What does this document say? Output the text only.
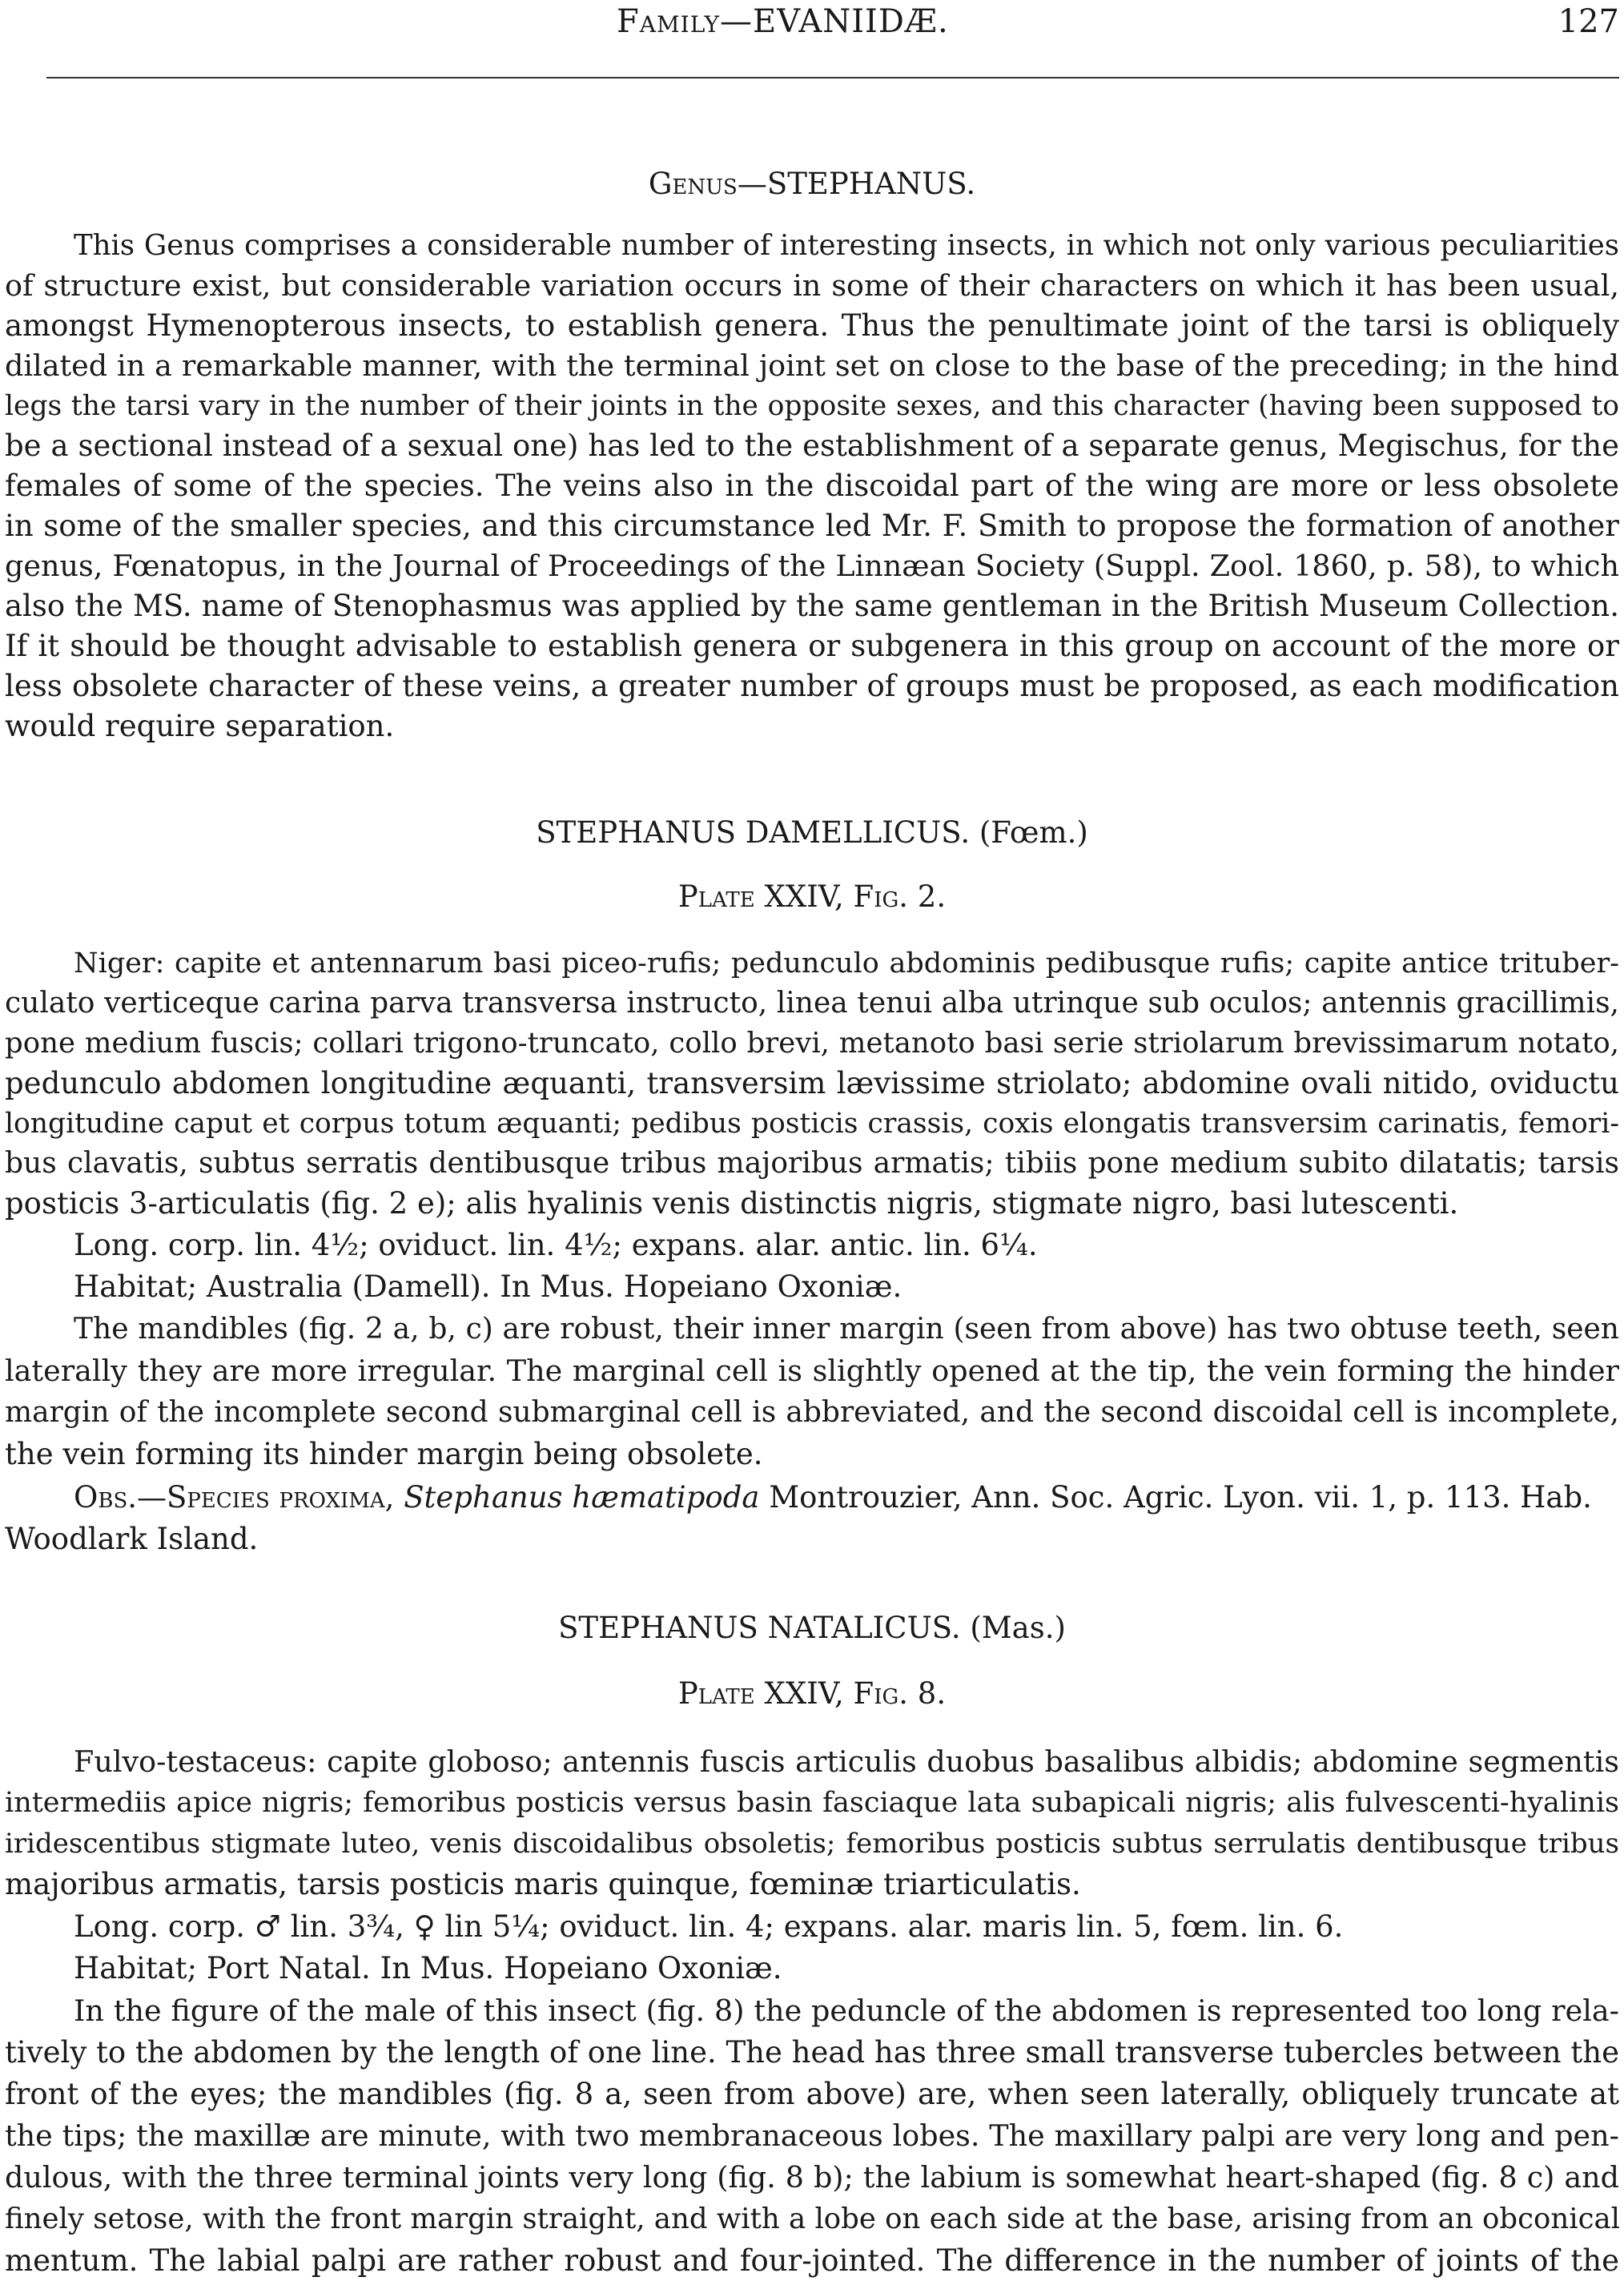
Family—EVANIIDÆ.	127
Genus—STEPHANUS.
This Genus comprises a considerable number of interesting insects, in which not only various peculiarities
of structure exist, but considerable variation occurs in some of their characters on which it has been usual,
amongst Hymenopterous insects, to establish genera. Thus the penultimate joint of the tarsi is obliquely
dilated in a remarkable manner, with the terminal joint set on close to the base of the preceding; in the hind
legs the tarsi vary in the number of their joints in the opposite sexes, and this character (having been supposed to
be a sectional instead of a sexual one) has led to the establishment of a separate genus, Megischus, for the
females of some of the species. The veins also in the discoidal part of the wing are more or less obsolete
in some of the smaller species, and this circumstance led Mr. F. Smith to propose the formation of another
genus, Fœnatopus, in the Journal of Proceedings of the Linnæan Society (Suppl. Zool. 1860, p. 58), to which
also the MS. name of Stenophasmus was applied by the same gentleman in the British Museum Collection.
If it should be thought advisable to establish genera or subgenera in this group on account of the more or
less obsolete character of these veins, a greater number of groups must be proposed, as each modification
would require separation.
STEPHANUS DAMELLICUS. (Fœm.)
Plate XXIV, Fig. 2.
Niger: capite et antennarum basi piceo-rufis; pedunculo abdominis pedibusque rufis; capite antice trituber-
culato verticeque carina parva transversa instructo, linea tenui alba utrinque sub oculos; antennis gracillimis,
pone medium fuscis; collari trigono-truncato, collo brevi, metanoto basi serie striolarum brevissimarum notato,
pedunculo abdomen longitudine æquanti, transversim lævissime striolato; abdomine ovali nitido, oviductu
longitudine caput et corpus totum æquanti; pedibus posticis crassis, coxis elongatis transversim carinatis, femori-
bus clavatis, subtus serratis dentibusque tribus majoribus armatis; tibiis pone medium subito dilatatis; tarsis
posticis 3-articulatis (fig. 2 e); alis hyalinis venis distinctis nigris, stigmate nigro, basi lutescenti.
Long. corp. lin. 4½; oviduct. lin. 4½; expans. alar. antic. lin. 6¼.
Habitat; Australia (Damell). In Mus. Hopeiano Oxoniæ.
The mandibles (fig. 2 a, b, c) are robust, their inner margin (seen from above) has two obtuse teeth, seen
laterally they are more irregular. The marginal cell is slightly opened at the tip, the vein forming the hinder
margin of the incomplete second submarginal cell is abbreviated, and the second discoidal cell is incomplete,
the vein forming its hinder margin being obsolete.
Obs.—Species proxima, Stephanus hæmatipoda Montrouzier, Ann. Soc. Agric. Lyon. vii. 1, p. 113. Hab.
Woodlark Island.
STEPHANUS NATALICUS. (Mas.)
Plate XXIV, Fig. 8.
Fulvo-testaceus: capite globoso; antennis fuscis articulis duobus basalibus albidis; abdomine segmentis
intermediis apice nigris; femoribus posticis versus basin fasciaque lata subapicali nigris; alis fulvescenti-hyalinis
iridescentibus stigmate luteo, venis discoidalibus obsoletis; femoribus posticis subtus serrulatis dentibusque tribus
majoribus armatis, tarsis posticis maris quinque, fœminæ triarticulatis.
Long. corp. ♂ lin. 3¾, ♀ lin 5¼; oviduct. lin. 4; expans. alar. maris lin. 5, fœm. lin. 6.
Habitat; Port Natal. In Mus. Hopeiano Oxoniæ.
In the figure of the male of this insect (fig. 8) the peduncle of the abdomen is represented too long rela-
tively to the abdomen by the length of one line. The head has three small transverse tubercles between the
front of the eyes; the mandibles (fig. 8 a, seen from above) are, when seen laterally, obliquely truncate at
the tips; the maxillæ are minute, with two membranaceous lobes. The maxillary palpi are very long and pen-
dulous, with the three terminal joints very long (fig. 8 b); the labium is somewhat heart-shaped (fig. 8 c) and
finely setose, with the front margin straight, and with a lobe on each side at the base, arising from an obconical
mentum. The labial palpi are rather robust and four-jointed. The difference in the number of joints of the
